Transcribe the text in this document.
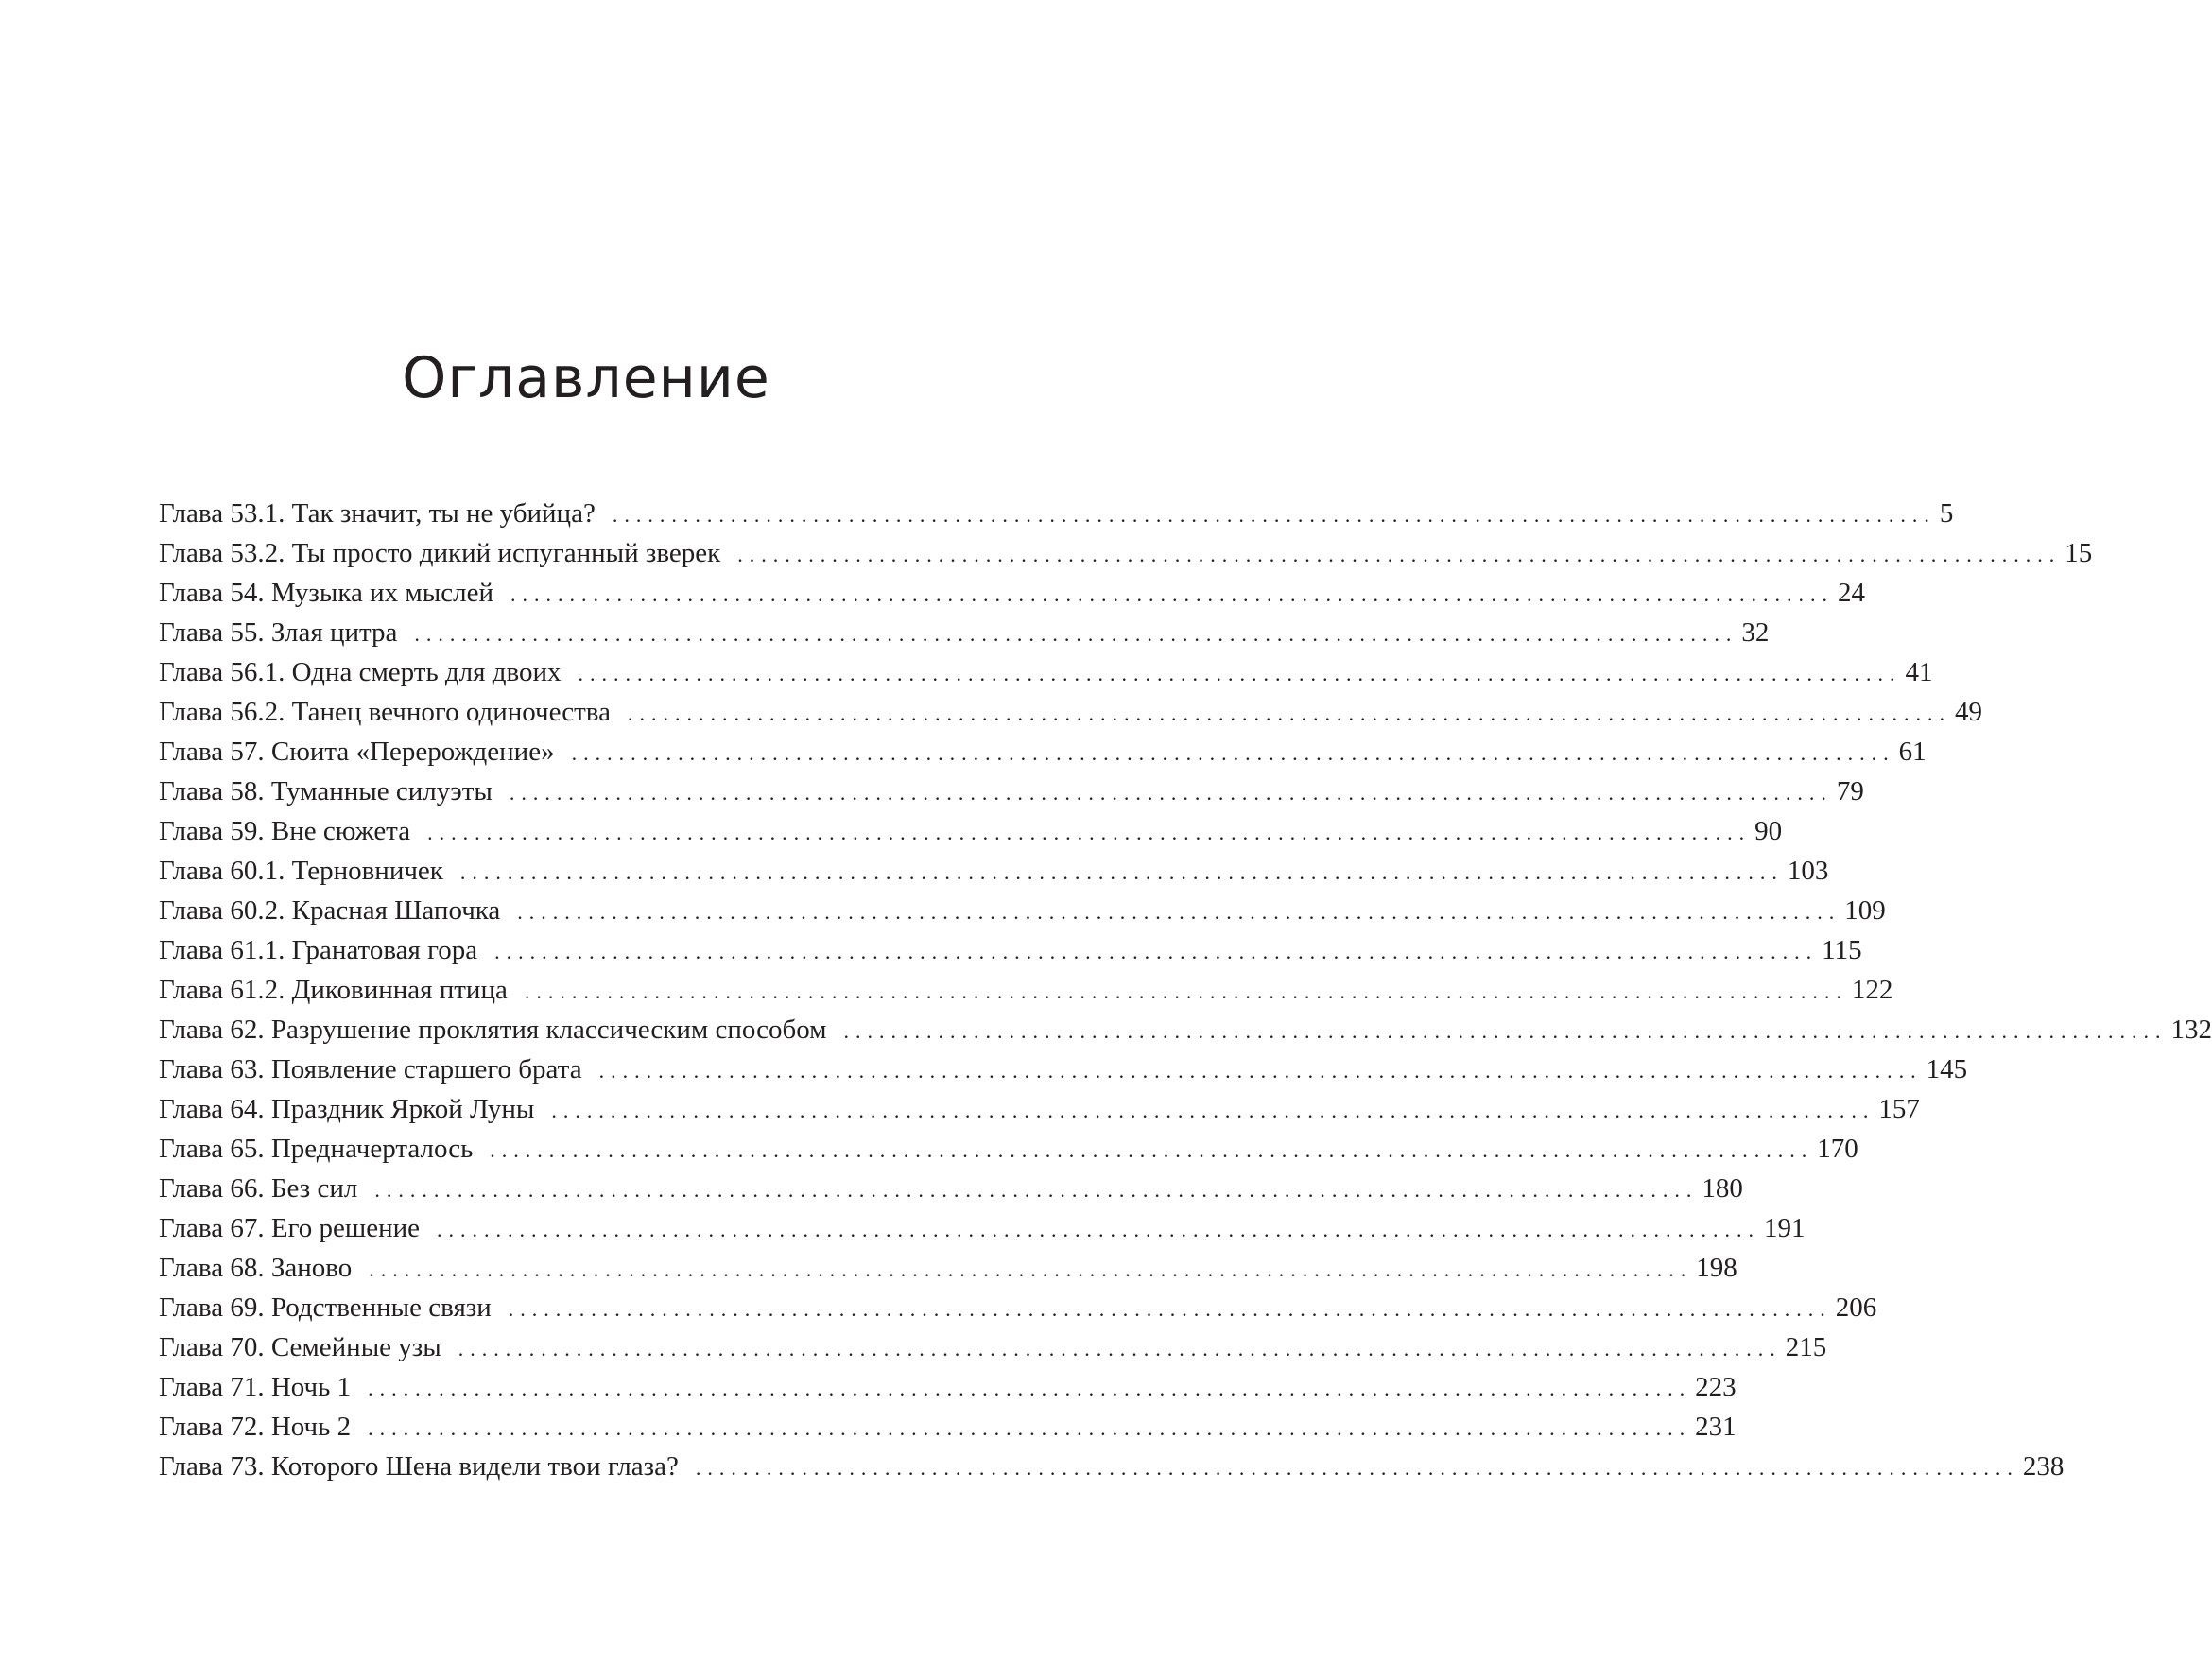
Оглавление
Глава 53.1. Так значит, ты не убийца? ................................................................................................................ 5
Глава 53.2. Ты просто дикий испуганный зверек ................................................................................................................ 15
Глава 54. Музыка их мыслей ................................................................................................................ 24
Глава 55. Злая цитра ................................................................................................................ 32
Глава 56.1. Одна смерть для двоих ................................................................................................................ 41
Глава 56.2. Танец вечного одиночества ................................................................................................................ 49
Глава 57. Сюита «Перерождение» ................................................................................................................ 61
Глава 58. Туманные силуэты ................................................................................................................ 79
Глава 59. Вне сюжета ................................................................................................................ 90
Глава 60.1. Терновничек ................................................................................................................ 103
Глава 60.2. Красная Шапочка ................................................................................................................ 109
Глава 61.1. Гранатовая гора ................................................................................................................ 115
Глава 61.2. Диковинная птица ................................................................................................................ 122
Глава 62. Разрушение проклятия классическим способом ................................................................................................................ 132
Глава 63. Появление старшего брата ................................................................................................................ 145
Глава 64. Праздник Яркой Луны ................................................................................................................ 157
Глава 65. Предначерталось ................................................................................................................ 170
Глава 66. Без сил ................................................................................................................ 180
Глава 67. Его решение ................................................................................................................ 191
Глава 68. Заново ................................................................................................................ 198
Глава 69. Родственные связи ................................................................................................................ 206
Глава 70. Семейные узы ................................................................................................................ 215
Глава 71. Ночь 1 ................................................................................................................ 223
Глава 72. Ночь 2 ................................................................................................................ 231
Глава 73. Которого Шена видели твои глаза? ................................................................................................................ 238
